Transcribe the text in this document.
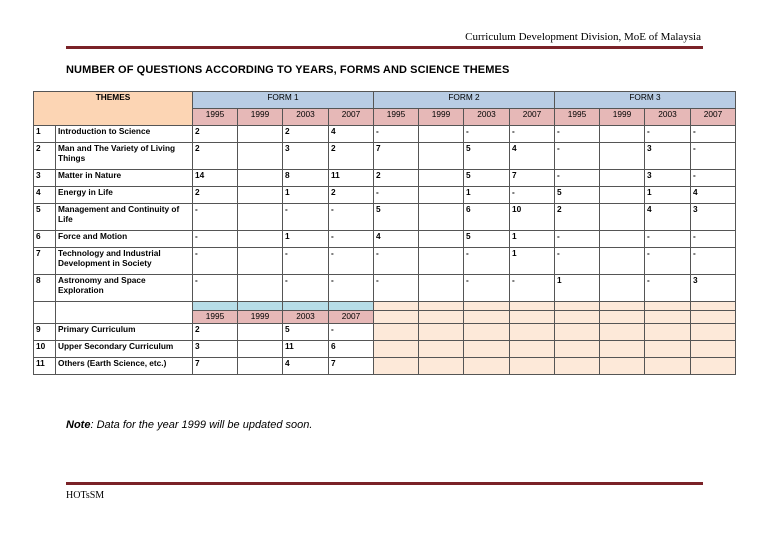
Curriculum Development Division, MoE of Malaysia
NUMBER OF QUESTIONS ACCORDING TO YEARS, FORMS AND SCIENCE THEMES
THEMES		FORM 1				FORM 2				FORM 3			
		1995	1999	2003	2007	1995	1999	2003	2007	1995	1999	2003	2007
1	Introduction to Science	2		2	4	-		-	-	-		-	-
2	Man and The Variety of Living Things	2		3	2	7		5	4	-		3	-
3	Matter in Nature	14		8	11	2		5	7	-		3	-
4	Energy in Life	2		1	2	-		1	-	5		1	4
5	Management and Continuity of Life	-		-	-	5		6	10	2		4	3
6	Force and Motion	-		1	-	4		5	1	-		-	-
7	Technology and Industrial Development in Society	-		-	-	-		-	1	-		-	-
8	Astronomy and Space Exploration	-		-	-	-		-	-	1		-	3

		1995	1999	2003	2007								
9	Primary Curriculum	2		5	-								
10	Upper Secondary Curriculum	3		11	6								
11	Others (Earth Science, etc.)	7		4	7								
Note: Data for the year 1999 will be updated soon.
HOTsSM
